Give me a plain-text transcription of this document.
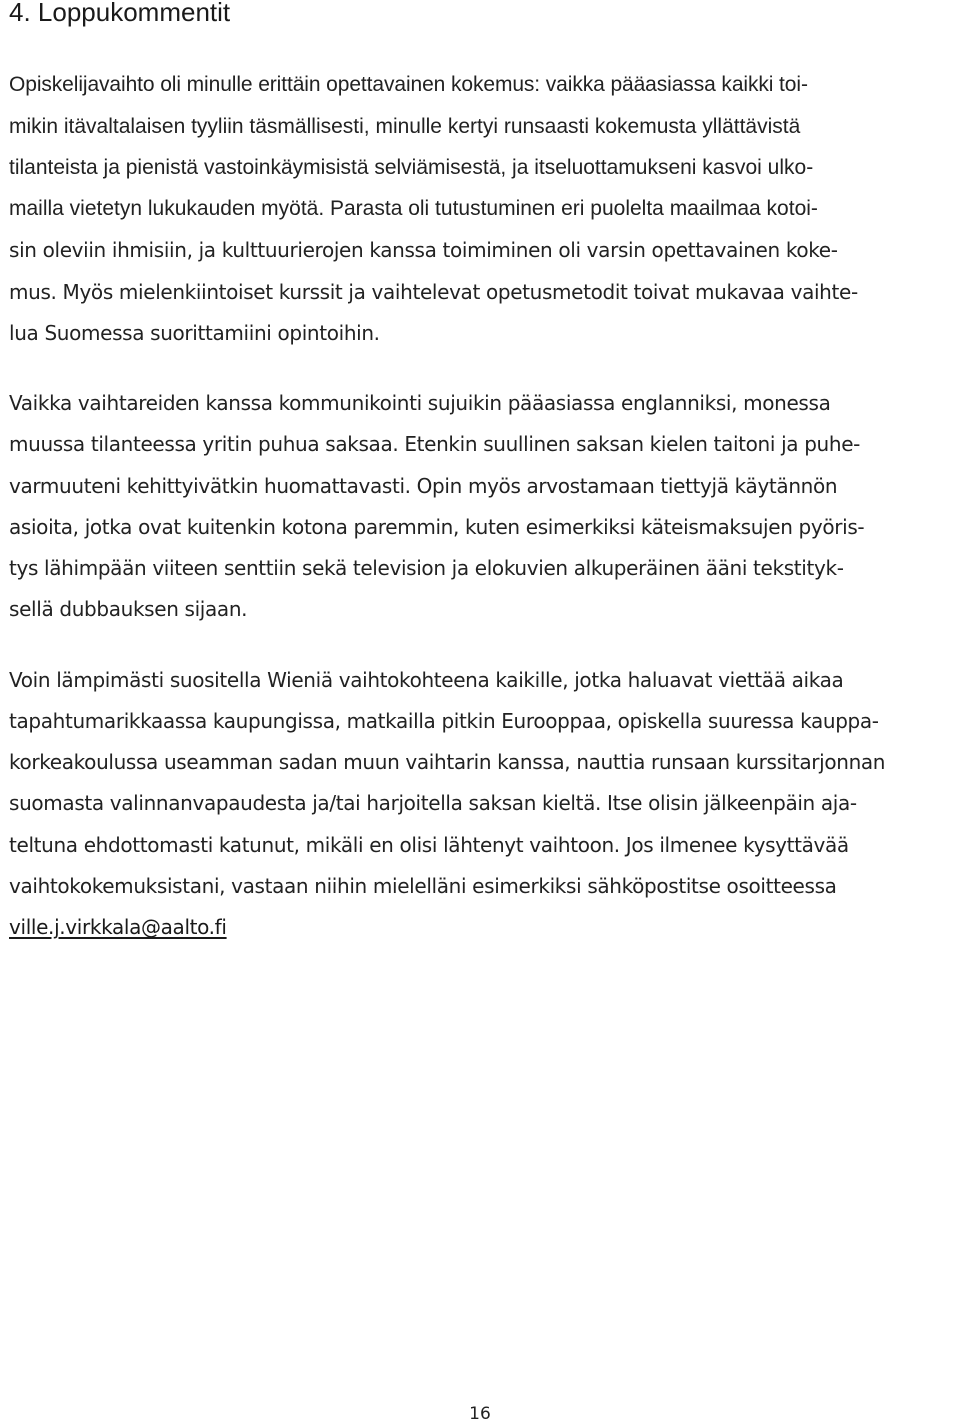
4. Loppukommentit
Opiskelijavaihto oli minulle erittäin opettavainen kokemus: vaikka pääasiassa kaikki toi-
mikin itävaltalaisen tyyliin täsmällisesti, minulle kertyi runsaasti kokemusta yllättävistä
tilanteista ja pienistä vastoinkäymisistä selviämisestä, ja itseluottamukseni kasvoi ulko-
mailla vietetyn lukukauden myötä. Parasta oli tutustuminen eri puolelta maailmaa kotoi-
sin oleviin ihmisiin, ja kulttuurierojen kanssa toimiminen oli varsin opettavainen koke-
mus. Myös mielenkiintoiset kurssit ja vaihtelevat opetusmetodit toivat mukavaa vaihte-
lua Suomessa suorittamiini opintoihin.
Vaikka vaihtareiden kanssa kommunikointi sujuikin pääasiassa englanniksi, monessa
muussa tilanteessa yritin puhua saksaa. Etenkin suullinen saksan kielen taitoni ja puhe-
varmuuteni kehittyivätkin huomattavasti. Opin myös arvostamaan tiettyjä käytännön
asioita, jotka ovat kuitenkin kotona paremmin, kuten esimerkiksi käteismaksujen pyöris-
tys lähimpään viiteen senttiin sekä television ja elokuvien alkuperäinen ääni tekstityk-
sellä dubbauksen sijaan.
Voin lämpimästi suositella Wieniä vaihtokohteena kaikille, jotka haluavat viettää aikaa
tapahtumarikkaassa kaupungissa, matkailla pitkin Eurooppaa, opiskella suuressa kauppa-
korkeakoulussa useamman sadan muun vaihtarin kanssa, nauttia runsaan kurssitarjonnan
suomasta valinnanvapaudesta ja/tai harjoitella saksan kieltä. Itse olisin jälkeenpäin aja-
teltuna ehdottomasti katunut, mikäli en olisi lähtenyt vaihtoon. Jos ilmenee kysyttävää
vaihtokokemuksistani, vastaan niihin mielelläni esimerkiksi sähköpostitse osoitteessa
ville.j.virkkala@aalto.fi
16
